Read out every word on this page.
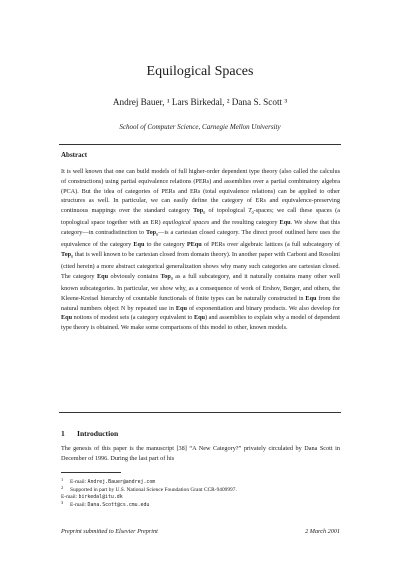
Equilogical Spaces
Andrej Bauer, ¹ Lars Birkedal, ² Dana S. Scott ³
School of Computer Science, Carnegie Mellon University
Abstract
It is well known that one can build models of full higher-order dependent type theory (also called the calculus of constructions) using partial equivalence relations (PERs) and assemblies over a partial combinatory algebra (PCA). But the idea of categories of PERs and ERs (total equivalence relations) can be applied to other structures as well. In particular, we can easily define the category of ERs and equivalence-preserving continuous mappings over the standard category Top$_0$ of topological $T_0$-spaces; we call these spaces (a topological space together with an ER) equilogical spaces and the resulting category Equ. We show that this category—in contradistinction to Top$_0$—is a cartesian closed category. The direct proof outlined here uses the equivalence of the category Equ to the category PEqu of PERs over algebraic lattices (a full subcategory of Top$_0$ that is well known to be cartesian closed from domain theory). In another paper with Carboni and Rosolini (cited herein) a more abstract categorical generalization shows why many such categories are cartesian closed. The category Equ obviously contains Top$_0$ as a full subcategory, and it naturally contains many other well known subcategories. In particular, we show why, as a consequence of work of Ershov, Berger, and others, the Kleene-Kreisel hierarchy of countable functionals of finite types can be naturally constructed in Equ from the natural numbers object N by repeated use in Equ of exponentiation and binary products. We also develop for Equ notions of modest sets (a category equivalent to Equ) and assemblies to explain why a model of dependent type theory is obtained. We make some comparisons of this model to other, known models.
1 Introduction
The genesis of this paper is the manuscript [38] “A New Category?” privately circulated by Dana Scott in December of 1996. During the last part of his
1 E-mail: Andrej.Bauer@andrej.com
2 Supported in part by U.S. National Science Foundation Grant CCR-9409997.
E-mail: birkedal@itu.dk
3 E-mail: Dana.Scott@cs.cmu.edu
Preprint submitted to Elsevier Preprint	2 March 2001
